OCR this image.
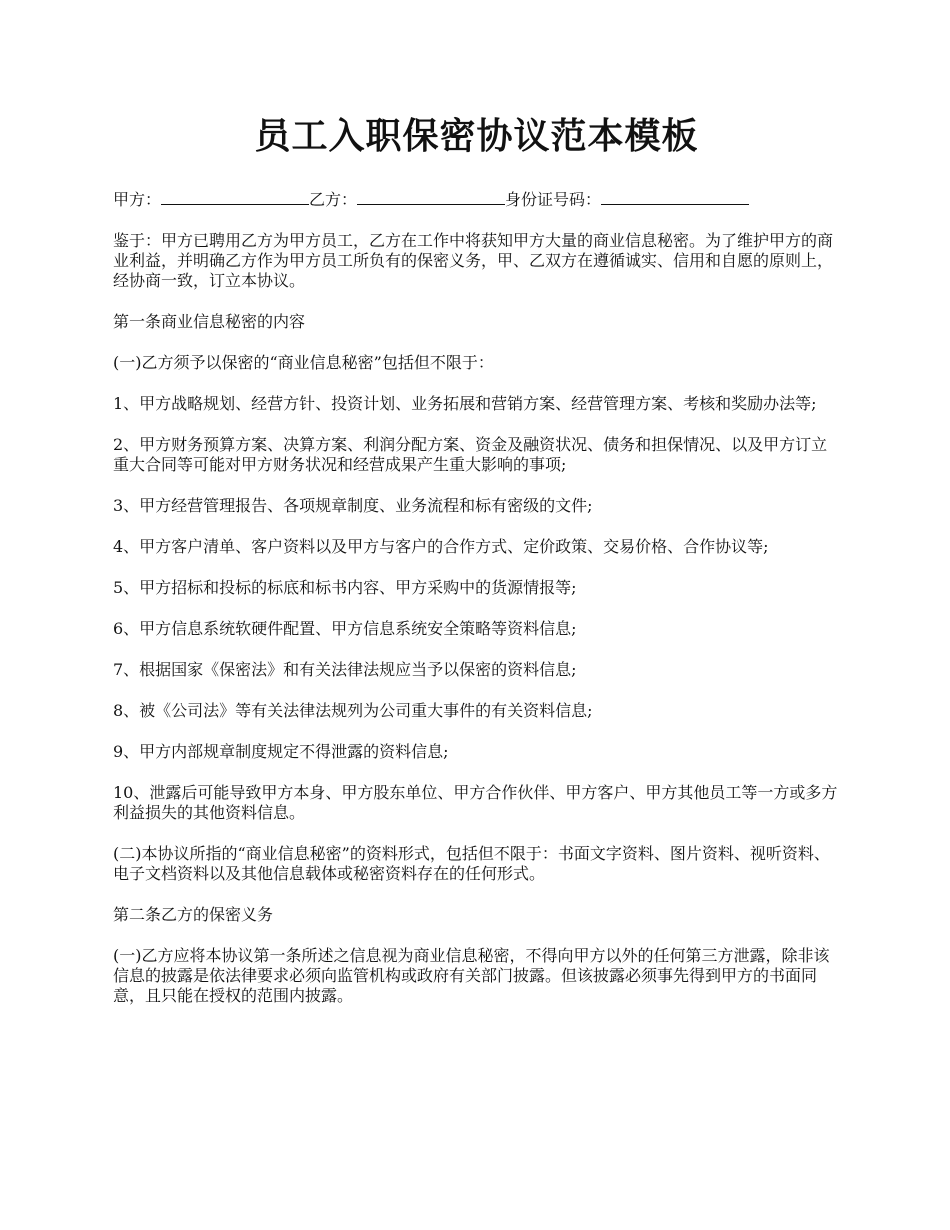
员工入职保密协议范本模板
甲方：	乙方：	身份证号码：

鉴于：甲方已聘用乙方为甲方员工，乙方在工作中将获知甲方大量的商业信息秘密。为了维护甲方的商业利益，并明确乙方作为甲方员工所负有的保密义务，甲、乙双方在遵循诚实、信用和自愿的原则上，经协商一致，订立本协议。

第一条商业信息秘密的内容

(一)乙方须予以保密的“商业信息秘密”包括但不限于：

1、甲方战略规划、经营方针、投资计划、业务拓展和营销方案、经营管理方案、考核和奖励办法等;

2、甲方财务预算方案、决算方案、利润分配方案、资金及融资状况、债务和担保情况、以及甲方订立重大合同等可能对甲方财务状况和经营成果产生重大影响的事项;

3、甲方经营管理报告、各项规章制度、业务流程和标有密级的文件;

4、甲方客户清单、客户资料以及甲方与客户的合作方式、定价政策、交易价格、合作协议等;

5、甲方招标和投标的标底和标书内容、甲方采购中的货源情报等;

6、甲方信息系统软硬件配置、甲方信息系统安全策略等资料信息;

7、根据国家《保密法》和有关法律法规应当予以保密的资料信息;

8、被《公司法》等有关法律法规列为公司重大事件的有关资料信息;

9、甲方内部规章制度规定不得泄露的资料信息;

10、泄露后可能导致甲方本身、甲方股东单位、甲方合作伙伴、甲方客户、甲方其他员工等一方或多方利益损失的其他资料信息。

(二)本协议所指的“商业信息秘密”的资料形式，包括但不限于：书面文字资料、图片资料、视听资料、电子文档资料以及其他信息载体或秘密资料存在的任何形式。

第二条乙方的保密义务

(一)乙方应将本协议第一条所述之信息视为商业信息秘密，不得向甲方以外的任何第三方泄露，除非该信息的披露是依法律要求必须向监管机构或政府有关部门披露。但该披露必须事先得到甲方的书面同意，且只能在授权的范围内披露。
